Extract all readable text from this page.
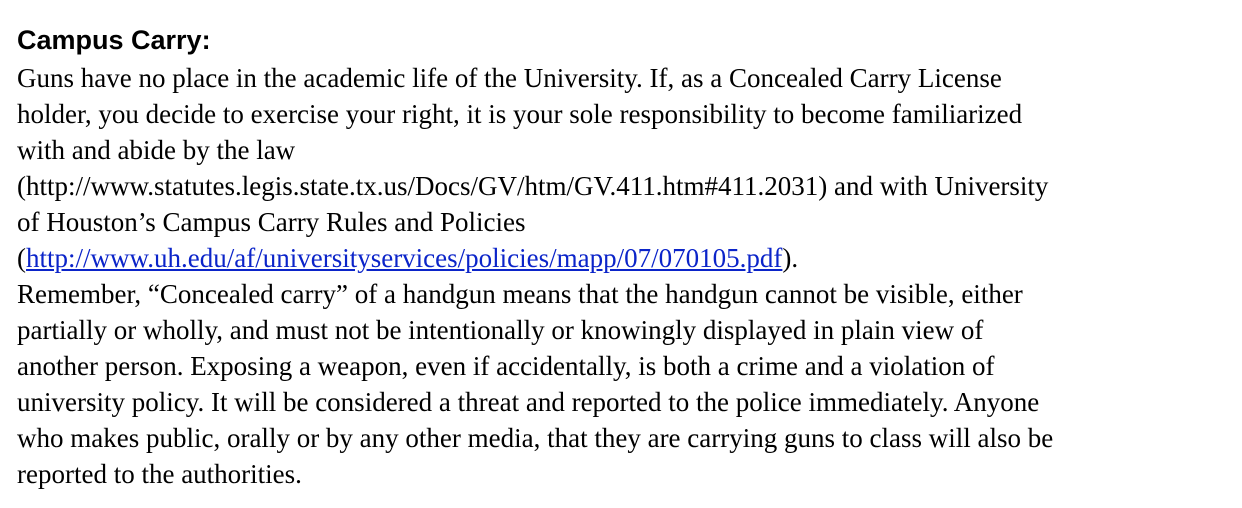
Campus Carry:
Guns have no place in the academic life of the University. If, as a Concealed Carry License
holder, you decide to exercise your right, it is your sole responsibility to become familiarized
with and abide by the law
(http://www.statutes.legis.state.tx.us/Docs/GV/htm/GV.411.htm#411.2031) and with University
of Houston’s Campus Carry Rules and Policies
(http://www.uh.edu/af/universityservices/policies/mapp/07/070105.pdf).
Remember, “Concealed carry” of a handgun means that the handgun cannot be visible, either
partially or wholly, and must not be intentionally or knowingly displayed in plain view of
another person. Exposing a weapon, even if accidentally, is both a crime and a violation of
university policy. It will be considered a threat and reported to the police immediately. Anyone
who makes public, orally or by any other media, that they are carrying guns to class will also be
reported to the authorities.
